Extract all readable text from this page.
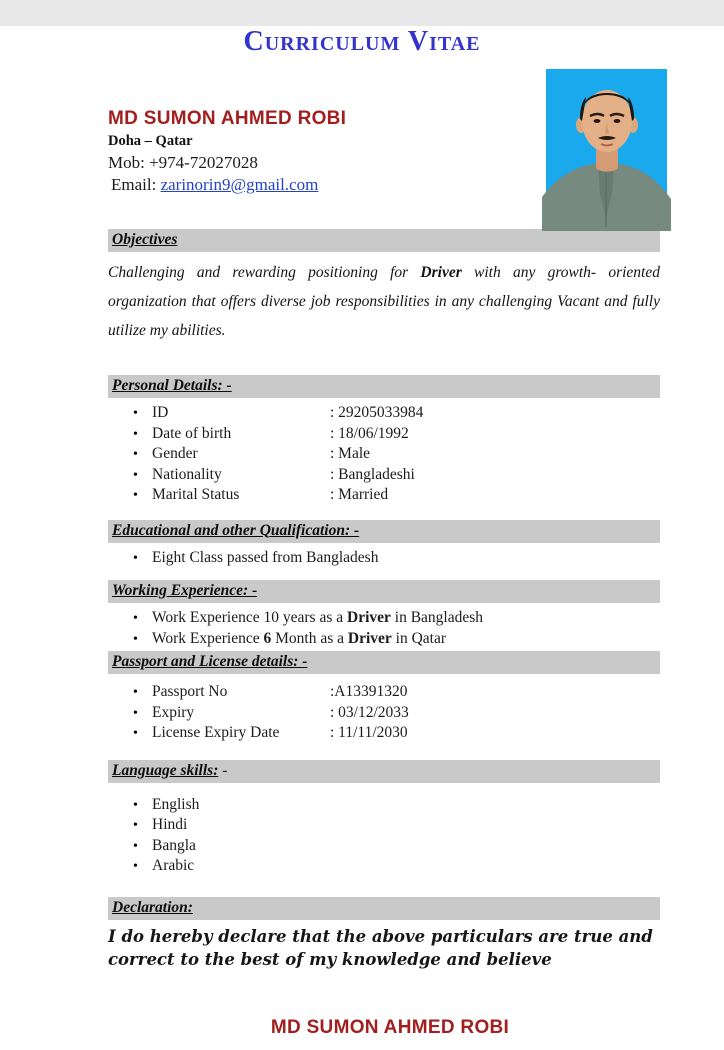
Curriculum Vitae
MD SUMON AHMED ROBI
Doha – Qatar
Mob: +974-72027028
Email: zarinorin9@gmail.com
Objectives
Challenging and rewarding positioning for Driver with any growth- oriented organization that offers diverse job responsibilities in any challenging Vacant and fully utilize my abilities.
Personal Details: -
• ID	: 29205033984
• Date of birth	: 18/06/1992
• Gender	: Male
• Nationality	: Bangladeshi
• Marital Status	: Married
Educational and other Qualification: -
• Eight Class passed from Bangladesh
Working Experience: -
• Work Experience 10 years as a Driver in Bangladesh
• Work Experience 6 Month as a Driver in Qatar
Passport and License details: -
• Passport No	:A13391320
• Expiry	: 03/12/2033
• License Expiry Date	: 11/11/2030
Language skills: -
• English
• Hindi
• Bangla
• Arabic
Declaration:
I do hereby declare that the above particulars are true and correct to the best of my knowledge and believe
MD SUMON AHMED ROBI
